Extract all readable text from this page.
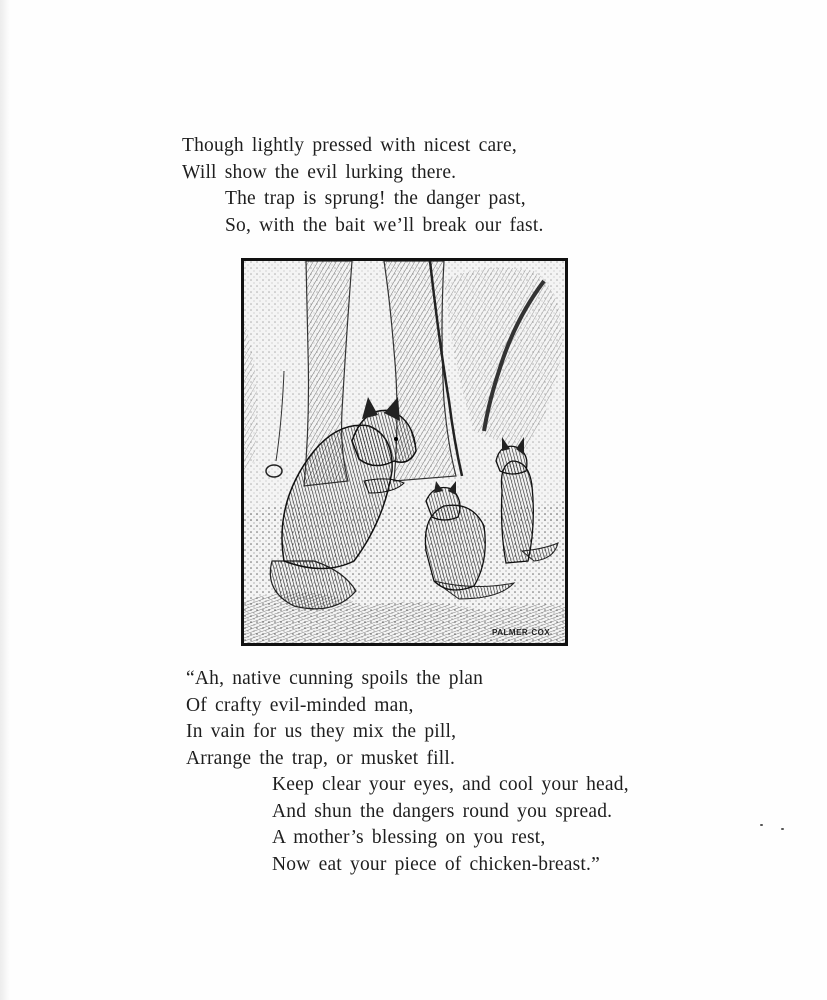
Though lightly pressed with nicest care,
Will show the evil lurking there.
The trap is sprung! the danger past,
So, with the bait we’ll break our fast.
PALMER-COX
“Ah, native cunning spoils the plan
Of crafty evil-minded man,
In vain for us they mix the pill,
Arrange the trap, or musket fill.
Keep clear your eyes, and cool your head,
And shun the dangers round you spread.
A mother’s blessing on you rest,
Now eat your piece of chicken-breast.”
